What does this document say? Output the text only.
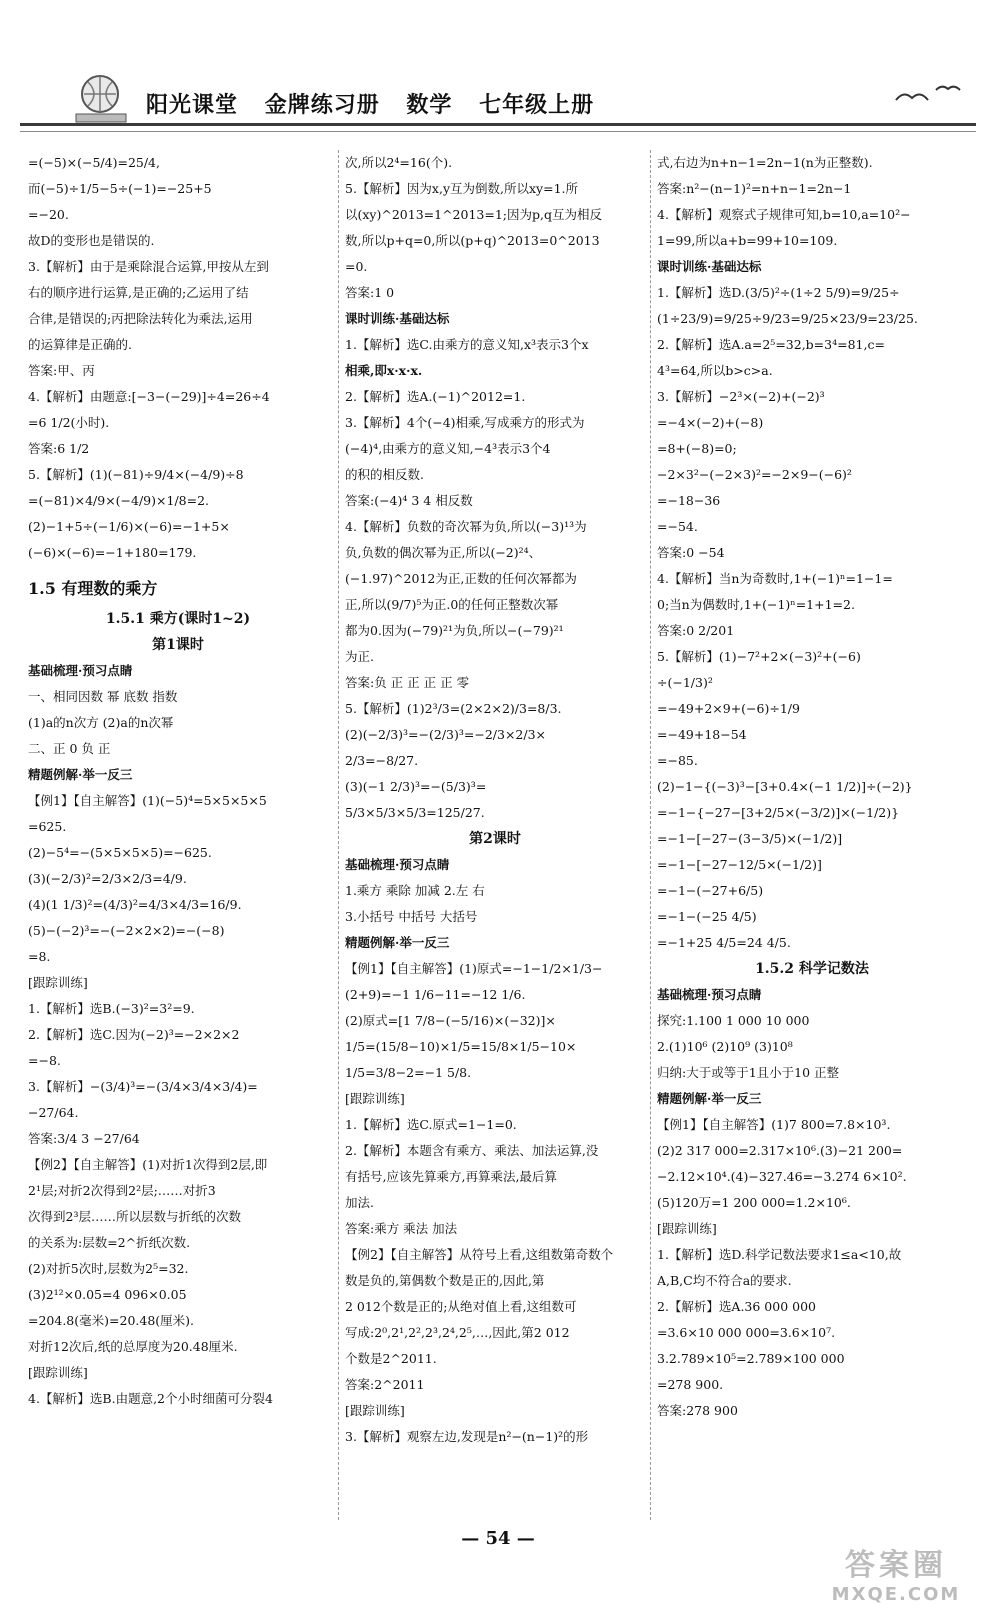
阳光课堂 金牌练习册 数学 七年级上册
=(−5)×(−5/4)=25/4,
而(−5)÷1/5−5÷(−1)=−25+5
=−20.
故D的变形也是错误的.
3.【解析】由于是乘除混合运算,甲按从左到
右的顺序进行运算,是正确的;乙运用了结
合律,是错误的;丙把除法转化为乘法,运用
的运算律是正确的.
答案:甲、丙
4.【解析】由题意:[−3−(−29)]÷4=26÷4
=6 1/2(小时).
答案:6 1/2
5.【解析】(1)(−81)÷9/4×(−4/9)÷8
=(−81)×4/9×(−4/9)×1/8=2.
(2)−1+5÷(−1/6)×(−6)=−1+5×
(−6)×(−6)=−1+180=179.
1.5 有理数的乘方
1.5.1 乘方(课时1~2)
第1课时
基础梳理·预习点睛
一、相同因数 幂 底数 指数
(1)a的n次方 (2)a的n次幂
二、正 0 负 正
精题例解·举一反三
【例1】【自主解答】(1)(−5)⁴=5×5×5×5
=625.
(2)−5⁴=−(5×5×5×5)=−625.
(3)(−2/3)²=2/3×2/3=4/9.
(4)(1 1/3)²=(4/3)²=4/3×4/3=16/9.
(5)−(−2)³=−(−2×2×2)=−(−8)
=8.
[跟踪训练]
1.【解析】选B.(−3)²=3²=9.
2.【解析】选C.因为(−2)³=−2×2×2
=−8.
3.【解析】−(3/4)³=−(3/4×3/4×3/4)=
−27/64.
答案:3/4 3 −27/64
【例2】【自主解答】(1)对折1次得到2层,即
2¹层;对折2次得到2²层;……对折3
次得到2³层……所以层数与折纸的次数
的关系为:层数=2^折纸次数.
(2)对折5次时,层数为2⁵=32.
(3)2¹²×0.05=4 096×0.05
=204.8(毫米)=20.48(厘米).
对折12次后,纸的总厚度为20.48厘米.
[跟踪训练]
4.【解析】选B.由题意,2个小时细菌可分裂4
次,所以2⁴=16(个).
5.【解析】因为x,y互为倒数,所以xy=1.所
以(xy)^2013=1^2013=1;因为p,q互为相反
数,所以p+q=0,所以(p+q)^2013=0^2013
=0.
答案:1 0
课时训练·基础达标
1.【解析】选C.由乘方的意义知,x³表示3个x
相乘,即x·x·x.
2.【解析】选A.(−1)^2012=1.
3.【解析】4个(−4)相乘,写成乘方的形式为
(−4)⁴,由乘方的意义知,−4³表示3个4
的积的相反数.
答案:(−4)⁴ 3 4 相反数
4.【解析】负数的奇次幂为负,所以(−3)¹³为
负,负数的偶次幂为正,所以(−2)²⁴、
(−1.97)^2012为正,正数的任何次幂都为
正,所以(9/7)⁵为正.0的任何正整数次幂
都为0.因为(−79)²¹为负,所以−(−79)²¹
为正.
答案:负 正 正 正 正 零
5.【解析】(1)2³/3=(2×2×2)/3=8/3.
(2)(−2/3)³=−(2/3)³=−2/3×2/3×
2/3=−8/27.
(3)(−1 2/3)³=−(5/3)³=
5/3×5/3×5/3=125/27.
第2课时
基础梳理·预习点睛
1.乘方 乘除 加减 2.左 右
3.小括号 中括号 大括号
精题例解·举一反三
【例1】【自主解答】(1)原式=−1−1/2×1/3−
(2+9)=−1 1/6−11=−12 1/6.
(2)原式=[1 7/8−(−5/16)×(−32)]×
1/5=(15/8−10)×1/5=15/8×1/5−10×
1/5=3/8−2=−1 5/8.
[跟踪训练]
1.【解析】选C.原式=1−1=0.
2.【解析】本题含有乘方、乘法、加法运算,没
有括号,应该先算乘方,再算乘法,最后算
加法.
答案:乘方 乘法 加法
【例2】【自主解答】从符号上看,这组数第奇数个
数是负的,第偶数个数是正的,因此,第
2 012个数是正的;从绝对值上看,这组数可
写成:2⁰,2¹,2²,2³,2⁴,2⁵,…,因此,第2 012
个数是2^2011.
答案:2^2011
[跟踪训练]
3.【解析】观察左边,发现是n²−(n−1)²的形
式,右边为n+n−1=2n−1(n为正整数).
答案:n²−(n−1)²=n+n−1=2n−1
4.【解析】观察式子规律可知,b=10,a=10²−
1=99,所以a+b=99+10=109.
课时训练·基础达标
1.【解析】选D.(3/5)²÷(1÷2 5/9)=9/25÷
(1÷23/9)=9/25÷9/23=9/25×23/9=23/25.
2.【解析】选A.a=2⁵=32,b=3⁴=81,c=
4³=64,所以b>c>a.
3.【解析】−2³×(−2)+(−2)³
=−4×(−2)+(−8)
=8+(−8)=0;
−2×3²−(−2×3)²=−2×9−(−6)²
=−18−36
=−54.
答案:0 −54
4.【解析】当n为奇数时,1+(−1)ⁿ=1−1=
0;当n为偶数时,1+(−1)ⁿ=1+1=2.
答案:0 2/201
5.【解析】(1)−7²+2×(−3)²+(−6)
÷(−1/3)²
=−49+2×9+(−6)÷1/9
=−49+18−54
=−85.
(2)−1−{(−3)³−[3+0.4×(−1 1/2)]÷(−2)}
=−1−{−27−[3+2/5×(−3/2)]×(−1/2)}
=−1−[−27−(3−3/5)×(−1/2)]
=−1−[−27−12/5×(−1/2)]
=−1−(−27+6/5)
=−1−(−25 4/5)
=−1+25 4/5=24 4/5.
1.5.2 科学记数法
基础梳理·预习点睛
探究:1.100 1 000 10 000
2.(1)10⁶ (2)10⁹ (3)10⁸
归纳:大于或等于1且小于10 正整
精题例解·举一反三
【例1】【自主解答】(1)7 800=7.8×10³.
(2)2 317 000=2.317×10⁶.(3)−21 200=
−2.12×10⁴.(4)−327.46=−3.274 6×10².
(5)120万=1 200 000=1.2×10⁶.
[跟踪训练]
1.【解析】选D.科学记数法要求1≤a<10,故
A,B,C均不符合a的要求.
2.【解析】选A.36 000 000
=3.6×10 000 000=3.6×10⁷.
3.2.789×10⁵=2.789×100 000
=278 900.
答案:278 900
— 54 —
答案圈
MXQE.COM
